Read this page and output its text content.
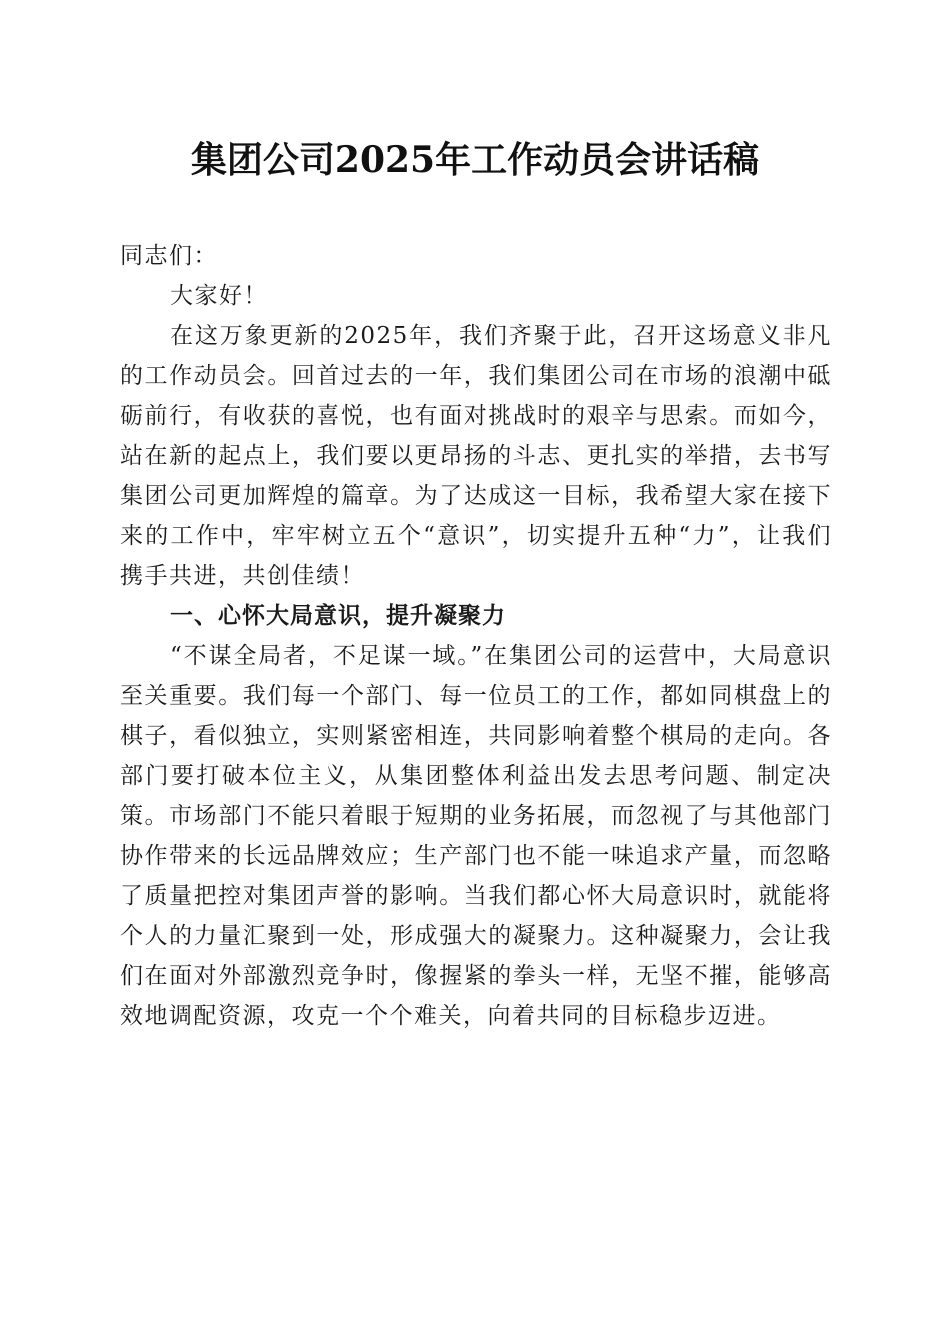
集团公司2025年工作动员会讲话稿

同志们：

大家好！

在这万象更新的2025年，我们齐聚于此，召开这场意义非凡的工作动员会。回首过去的一年，我们集团公司在市场的浪潮中砥砺前行，有收获的喜悦，也有面对挑战时的艰辛与思索。而如今，站在新的起点上，我们要以更昂扬的斗志、更扎实的举措，去书写集团公司更加辉煌的篇章。为了达成这一目标，我希望大家在接下来的工作中，牢牢树立五个“意识”，切实提升五种“力”，让我们携手共进，共创佳绩！

一、心怀大局意识，提升凝聚力

“不谋全局者，不足谋一域。”在集团公司的运营中，大局意识至关重要。我们每一个部门、每一位员工的工作，都如同棋盘上的棋子，看似独立，实则紧密相连，共同影响着整个棋局的走向。各部门要打破本位主义，从集团整体利益出发去思考问题、制定决策。市场部门不能只着眼于短期的业务拓展，而忽视了与其他部门协作带来的长远品牌效应；生产部门也不能一味追求产量，而忽略了质量把控对集团声誉的影响。当我们都心怀大局意识时，就能将个人的力量汇聚到一处，形成强大的凝聚力。这种凝聚力，会让我们在面对外部激烈竞争时，像握紧的拳头一样，无坚不摧，能够高效地调配资源，攻克一个个难关，向着共同的目标稳步迈进。
